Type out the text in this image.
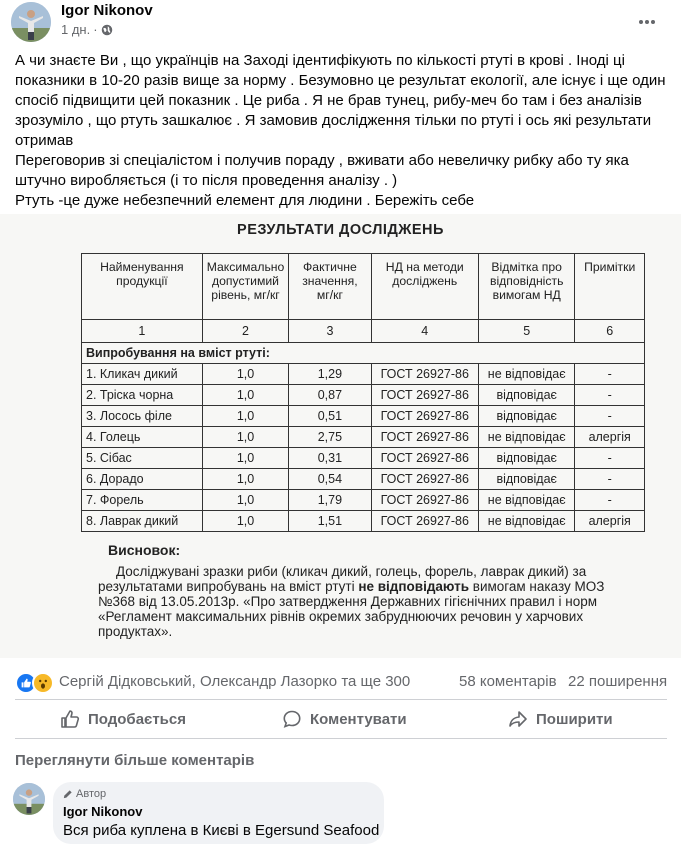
Igor Nikonov
1 дн. ·

А чи знаєте Ви , що українців на Заході ідентифікують по кількості ртуті в крові . Іноді ці показники в 10-20 разів вище за норму . Безумовно це результат екології, але існує і ще один спосіб підвищити цей показник . Це риба . Я не брав тунец, рибу-меч бо там і без аналізів зрозуміло , що ртуть зашкалює . Я замовив дослідження тільки по ртуті і ось які результати отримав

Переговорив зі спеціалістом і получив пораду , вживати або невеличку рибку або ту яка штучно виробляється (і то після проведення аналізу . )

Ртуть -це дуже небезпечний елемент для людини . Бережіть себе

РЕЗУЛЬТАТИ ДОСЛІДЖЕНЬ
Найменування продукції	Максимально допустимий рівень, мг/кг	Фактичне значення, мг/кг	НД на методи досліджень	Відмітка про відповідність вимогам НД	Примітки
1	2	3	4	5	6
Випробування на вміст ртуті:					
1. Кликач дикий	1,0	1,29	ГОСТ 26927-86	не відповідає	-
2. Тріска чорна	1,0	0,87	ГОСТ 26927-86	відповідає	-
3. Лосось філе	1,0	0,51	ГОСТ 26927-86	відповідає	-
4. Голець	1,0	2,75	ГОСТ 26927-86	не відповідає	алергія
5. Сібас	1,0	0,31	ГОСТ 26927-86	відповідає	-
6. Дорадо	1,0	0,54	ГОСТ 26927-86	відповідає	-
7. Форель	1,0	1,79	ГОСТ 26927-86	не відповідає	-
8. Лаврак дикий	1,0	1,51	ГОСТ 26927-86	не відповідає	алергія
Висновок:
Досліджувані зразки риби (кликач дикий, голець, форель, лаврак дикий) за результатами випробувань на вміст ртуті не відповідають вимогам наказу МОЗ №368 від 13.05.2013р. «Про затвердження Державних гігієнічних правил і норм «Регламент максимальних рівнів окремих забруднюючих речовин у харчових продуктах».
Сергій Дідковський, Олександр Лазорко та ще 300	58 коментарів 22 поширення
Подобається	Коментувати	Поширити
Переглянути більше коментарів
Автор
Igor Nikonov
Вся риба куплена в Києві в Egersund Seafood
